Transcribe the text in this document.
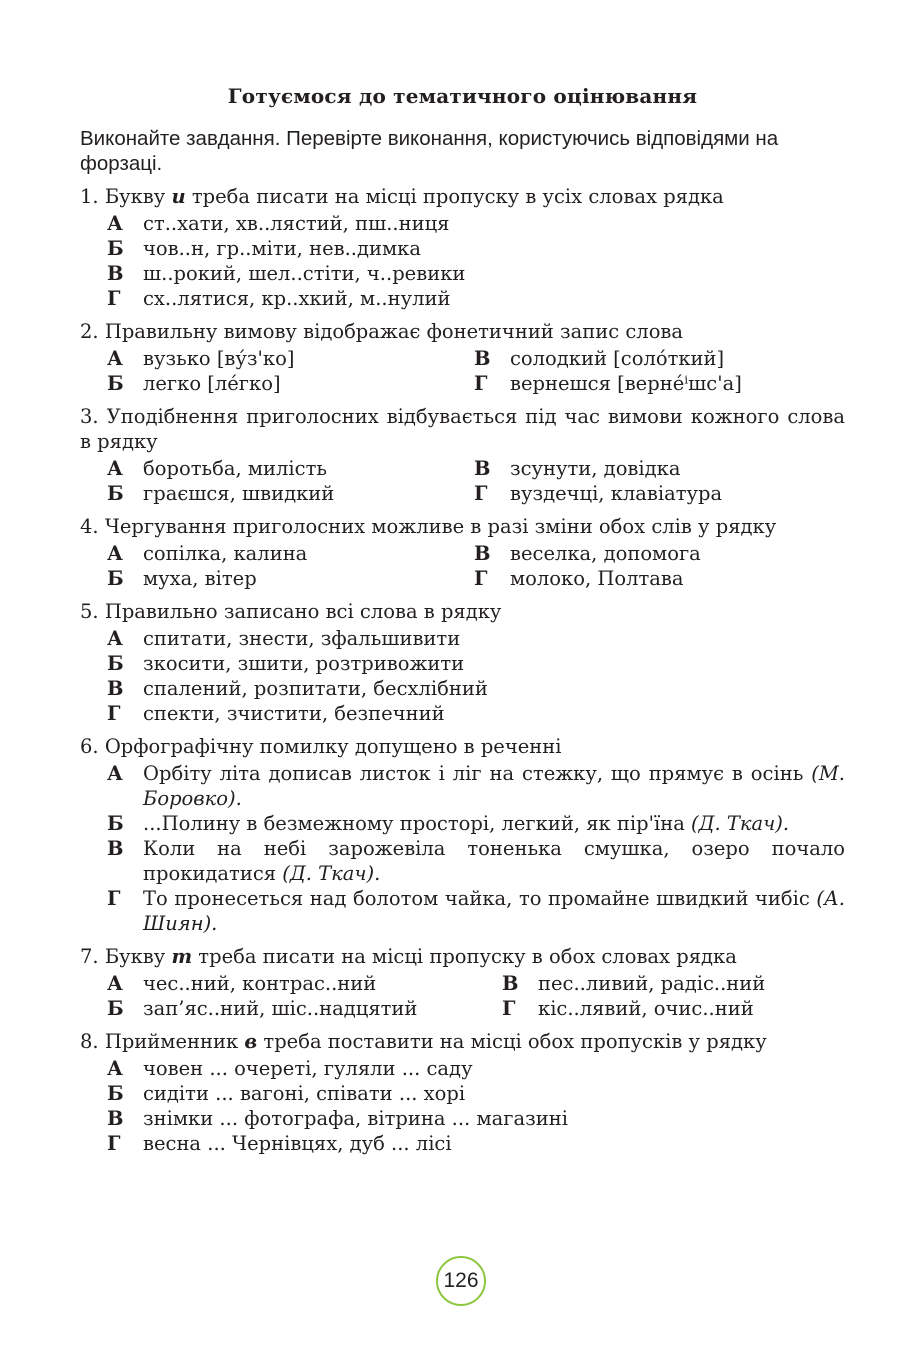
Готуємося до тематичного оцінювання

Виконайте завдання. Перевірте виконання, користуючись відповідями на форзаці.

1. Букву и треба писати на місці пропуску в усіх словах рядка

А	ст..хати, хв..лястий, пш..ниця
Б чов..н, гр..міти, нев..димка
В	ш..рокий, шел..стіти, ч..ревики
Г	сх..лятися, кр..хкий, м..нулий

2. Правильну вимову відображає фонетичний запис слова

А	вузько [ву́з'ко]	В	солодкий [соло́ткий]
Б легко [ле́гко]	Г	вернешся [верне́ⁱшс'а]

3. Уподібнення приголосних відбувається під час вимови кожного слова в рядку

А	боротьба, милість	В	зсунути, довідка
Б граєшся, швидкий	Г	вуздечці, клавіатура

4. Чергування приголосних можливе в разі зміни обох слів у рядку

А	сопілка, калина	В	веселка, допомога
Б муха, вітер	Г	молоко, Полтава

5. Правильно записано всі слова в рядку

А	спитати, знести, зфальшивити
Б зкосити, зшити, розтривожити
В	спалений, розпитати, бесхлібний
Г	спекти, зчистити, безпечний

6. Орфографічну помилку допущено в реченні

А	Орбіту літа дописав листок і ліг на стежку, що прямує в осінь (М. Боровко).
Б ...Полину в безмежному просторі, легкий, як пір'їна (Д. Ткач).
В	Коли на небі зарожевіла тоненька смушка, озеро почало прокидатися (Д. Ткач).
Г	То пронесеться над болотом чайка, то промайне швидкий чибіс (А. Шиян).

7. Букву т треба писати на місці пропуску в обох словах рядка

А	чес..ний, контрас..ний	В	пес..ливий, радіс..ний
Б зап’яс..ний, шіс..надцятий	Г	кіс..лявий, очис..ний

8. Прийменник в треба поставити на місці обох пропусків у рядку

А	човен ... очереті, гуляли ... саду
Б сидіти ... вагоні, співати ... хорі
В	знімки ... фотографа, вітрина ... магазині
Г	весна ... Чернівцях, дуб ... лісі
126
